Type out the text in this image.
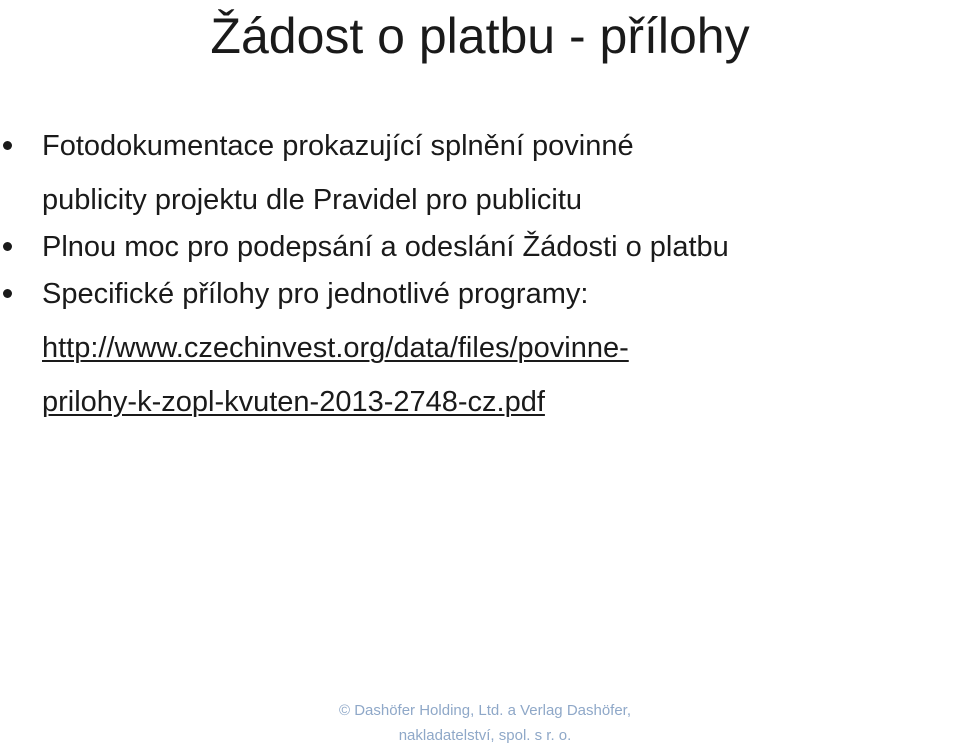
Žádost o platbu - přílohy
Fotodokumentace prokazující splnění povinné
publicity projektu dle Pravidel pro publicitu
Plnou moc pro podepsání a odeslání Žádosti o platbu
Specifické přílohy pro jednotlivé programy:
http://www.czechinvest.org/data/files/povinne-
prilohy-k-zopl-kvuten-2013-2748-cz.pdf
© Dashöfer Holding, Ltd. a Verlag Dashöfer,
nakladatelství, spol. s r. o.
